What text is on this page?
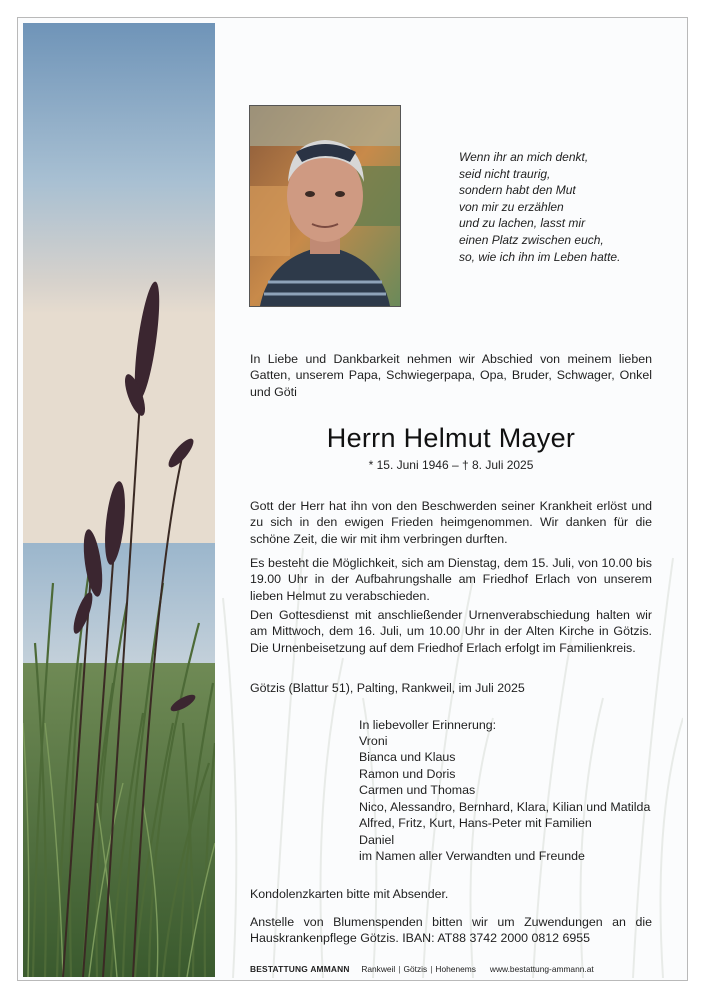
Wenn ihr an mich denkt,
seid nicht traurig,
sondern habt den Mut
von mir zu erzählen
und zu lachen, lasst mir
einen Platz zwischen euch,
so, wie ich ihn im Leben hatte.
In Liebe und Dankbarkeit nehmen wir Abschied von meinem lieben Gatten, unserem Papa, Schwiegerpapa, Opa, Bruder, Schwager, Onkel und Göti
Herrn Helmut Mayer
* 15. Juni 1946 – † 8. Juli 2025
Gott der Herr hat ihn von den Beschwerden seiner Krankheit erlöst und zu sich in den ewigen Frieden heimgenommen. Wir danken für die schöne Zeit, die wir mit ihm verbringen durften.
Es besteht die Möglichkeit, sich am Dienstag, dem 15. Juli, von 10.00 bis 19.00 Uhr in der Aufbahrungshalle am Friedhof Erlach von unserem lieben Helmut zu verabschieden.
Den Gottesdienst mit anschließender Urnenverabschiedung halten wir am Mittwoch, dem 16. Juli, um 10.00 Uhr in der Alten Kirche in Götzis. Die Urnenbeisetzung auf dem Friedhof Erlach erfolgt im Familienkreis.
Götzis (Blattur 51), Palting, Rankweil, im Juli 2025
In liebevoller Erinnerung:
Vroni
Bianca und Klaus
Ramon und Doris
Carmen und Thomas
Nico, Alessandro, Bernhard, Klara, Kilian und Matilda
Alfred, Fritz, Kurt, Hans-Peter mit Familien
Daniel
im Namen aller Verwandten und Freunde
Kondolenzkarten bitte mit Absender.
Anstelle von Blumenspenden bitten wir um Zuwendungen an die Hauskrankenpflege Götzis. IBAN: AT88 3742 2000 0812 6955
BESTATTUNG AMMANN Rankweil | Götzis | Hohenems www.bestattung-ammann.at
